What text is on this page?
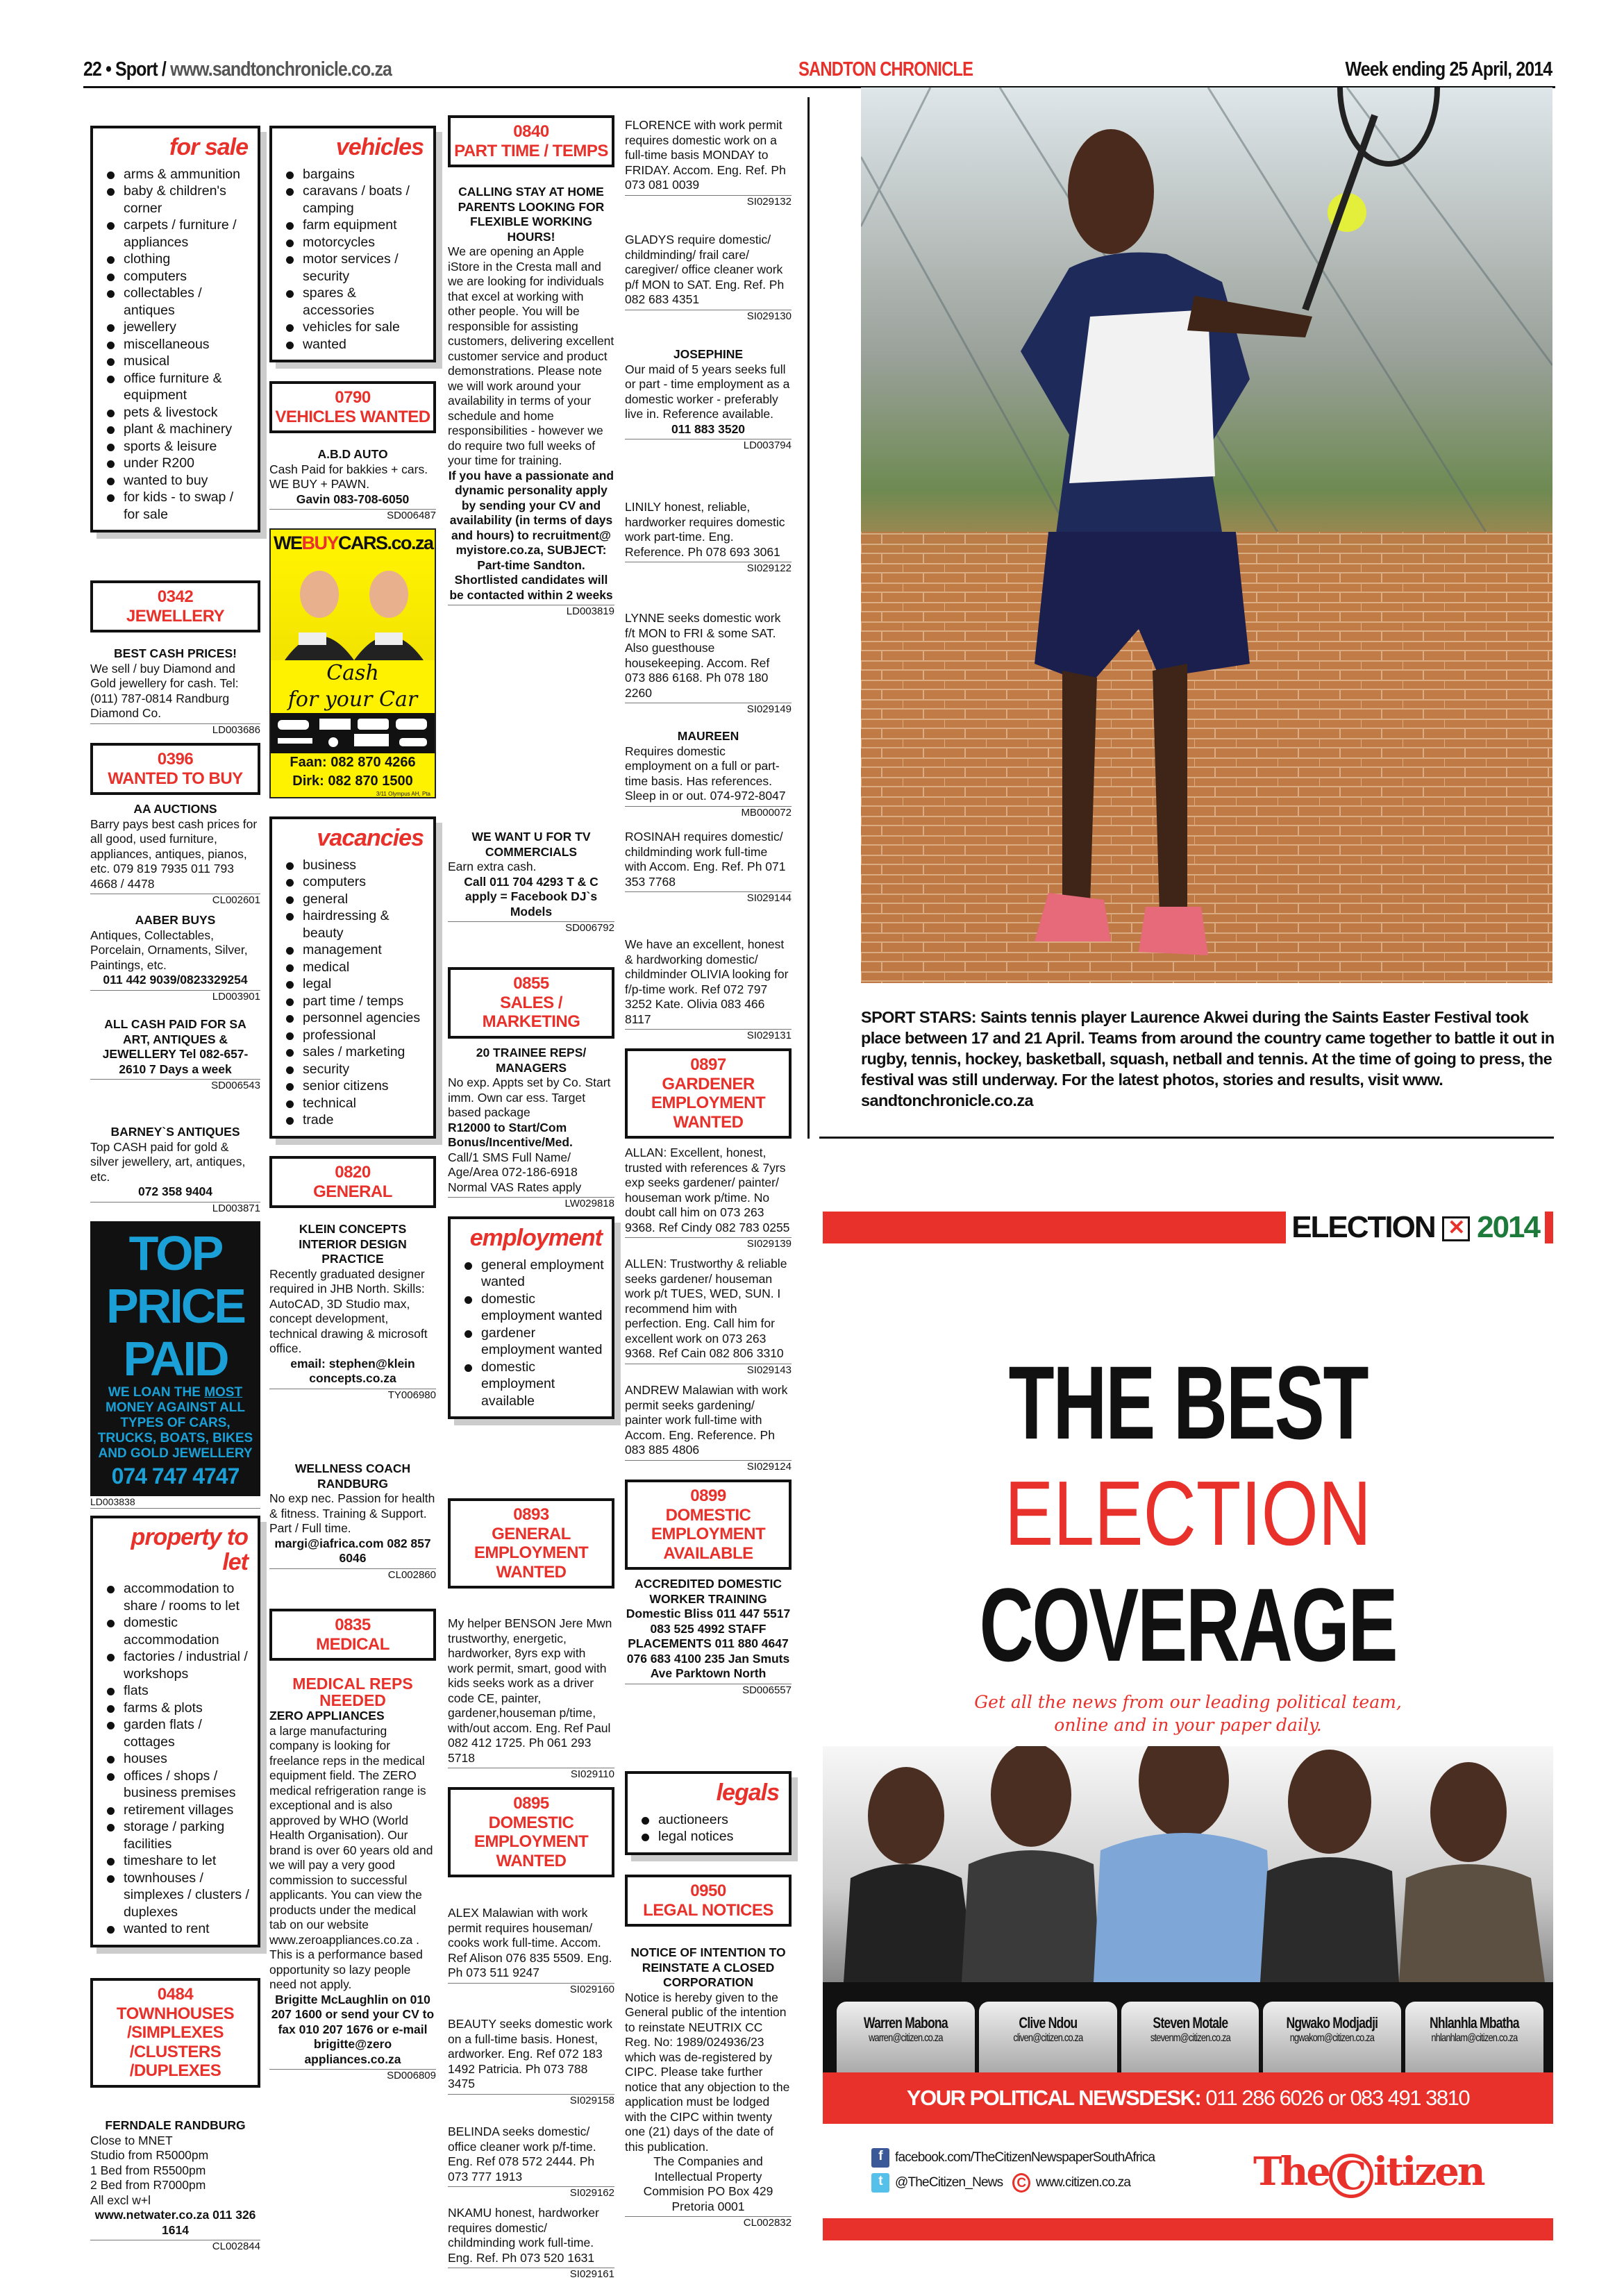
22 • Sport / www.sandtonchronicle.co.za	SANDTON CHRONICLE	Week ending 25 April, 2014
for sale
arms & ammunition
baby & children's corner
carpets / furniture / appliances
clothing
computers
collectables / antiques
jewellery
miscellaneous
musical
office furniture & equipment
pets & livestock
plant & machinery
sports & leisure
under R200
wanted to buy
for kids - to swap / for sale
0342
JEWELLERY
BEST CASH PRICES!
We sell / buy Diamond and Gold jewellery for cash. Tel: (011) 787-0814 Randburg Diamond Co.
LD003686
0396
WANTED TO BUY
AA AUCTIONS
Barry pays best cash prices for all good, used furniture, appliances, antiques, pianos, etc. 079 819 7935 011 793 4668 / 4478
CL002601
AABER BUYS
Antiques, Collectables, Porcelain, Ornaments, Silver, Paintings, etc.
011 442 9039/0823329254
LD003901
ALL CASH PAID FOR SA ART, ANTIQUES & JEWELLERY Tel 082-657-2610 7 Days a week
SD006543
BARNEY`S ANTIQUES
Top CASH paid for gold & silver jewellery, art, antiques, etc.
072 358 9404
LD003871
TOP
PRICE
PAID
WE LOAN THE MOST MONEY AGAINST ALL TYPES OF CARS, TRUCKS, BOATS, BIKES AND GOLD JEWELLERY
074 747 4747
LD003838
property to let
accommodation to share / rooms to let
domestic accommodation
factories / industrial / workshops
flats
farms & plots
garden flats / cottages
houses
offices / shops / business premises
retirement villages
storage / parking facilities
timeshare to let
townhouses / simplexes / clusters / duplexes
wanted to rent
0484
TOWNHOUSES /SIMPLEXES /CLUSTERS /DUPLEXES
FERNDALE RANDBURG
Close to MNET
Studio from R5000pm
1 Bed from R5500pm
2 Bed from R7000pm
All excl w+l
www.netwater.co.za 011 326 1614
CL002844
vehicles
bargains
caravans / boats / camping
farm equipment
motorcycles
motor services / security
spares & accessories
vehicles for sale
wanted
0790
VEHICLES WANTED
A.B.D AUTO
Cash Paid for bakkies + cars. WE BUY + PAWN.
Gavin 083-708-6050
SD006487
WEBUYCARS.co.za
Cash
for your Car
Faan: 082 870 4266
Dirk: 082 870 1500
3/11 Olympus AH, Pta
vacancies
business
computers
general
hairdressing & beauty
management
medical
legal
part time / temps
personnel agencies
professional
sales / marketing
security
senior citizens
technical
trade
0820
GENERAL
KLEIN CONCEPTS INTERIOR DESIGN PRACTICE
Recently graduated designer required in JHB North. Skills: AutoCAD, 3D Studio max, concept development, technical drawing & microsoft office.
email: stephen@klein concepts.co.za
TY006980
WELLNESS COACH RANDBURG
No exp nec. Passion for health & fitness. Training & Support. Part / Full time.
margi@iafrica.com 082 857 6046
CL002860
0835
MEDICAL
MEDICAL REPS NEEDED
ZERO APPLIANCES
a large manufacturing company is looking for freelance reps in the medical equipment field. The ZERO medical refrigeration range is exceptional and is also approved by WHO (World Health Organisation). Our brand is over 60 years old and we will pay a very good commission to successful applicants. You can view the products under the medical tab on our website www.zeroappliances.co.za . This is a performance based opportunity so lazy people need not apply.
Brigitte McLaughlin on 010 207 1600 or send your CV to fax 010 207 1676 or e-mail brigitte@zero appliances.co.za
SD006809
0840
PART TIME / TEMPS
CALLING STAY AT HOME PARENTS LOOKING FOR FLEXIBLE WORKING HOURS!
We are opening an Apple iStore in the Cresta mall and we are looking for individuals that excel at working with other people. You will be responsible for assisting customers, delivering excellent customer service and product demonstrations. Please note we will work around your availability in terms of your schedule and home responsibilities - however we do require two full weeks of your time for training.
If you have a passionate and dynamic personality apply by sending your CV and availability (in terms of days and hours) to recruitment@ myistore.co.za, SUBJECT: Part-time Sandton. Shortlisted candidates will be contacted within 2 weeks
LD003819
WE WANT U FOR TV COMMERCIALS
Earn extra cash.
Call 011 704 4293 T & C apply = Facebook DJ`s Models
SD006792
0855
SALES / MARKETING
20 TRAINEE REPS/ MANAGERS
No exp. Appts set by Co. Start imm. Own car ess. Target based package
R12000 to Start/Com Bonus/Incentive/Med.
Call/1 SMS Full Name/ Age/Area 072-186-6918 Normal VAS Rates apply
LW029818
employment
general employment wanted
domestic employment wanted
gardener employment wanted
domestic employment available
0893
GENERAL EMPLOYMENT WANTED
My helper BENSON Jere Mwn trustworthy, energetic, hardworker, 8yrs exp with work permit, smart, good with kids seeks work as a driver code CE, painter, gardener,houseman p/time, with/out accom. Eng. Ref Paul 082 412 1725. Ph 061 293 5718
SI029110
0895
DOMESTIC EMPLOYMENT WANTED
ALEX Malawian with work permit requires houseman/ cooks work full-time. Accom. Ref Alison 076 835 5509. Eng. Ph 073 511 9247
SI029160
BEAUTY seeks domestic work on a full-time basis. Honest, ardworker. Eng. Ref 072 183 1492 Patricia. Ph 073 788 3475
SI029158
BELINDA seeks domestic/ office cleaner work p/f-time. Eng. Ref 078 572 2444. Ph 073 777 1913
SI029162
NKAMU honest, hardworker requires domestic/ childminding work full-time. Eng. Ref. Ph 073 520 1631
SI029161
FLORENCE with work permit requires domestic work on a full-time basis MONDAY to FRIDAY. Accom. Eng. Ref. Ph 073 081 0039
SI029132
GLADYS require domestic/ childminding/ frail care/ caregiver/ office cleaner work p/f MON to SAT. Eng. Ref. Ph 082 683 4351
SI029130
JOSEPHINE
Our maid of 5 years seeks full or part - time employment as a domestic worker - preferably live in. Reference available.
011 883 3520
LD003794
LINILY honest, reliable, hardworker requires domestic work part-time. Eng. Reference. Ph 078 693 3061
SI029122
LYNNE seeks domestic work f/t MON to FRI & some SAT. Also guesthouse housekeeping. Accom. Ref 073 886 6168. Ph 078 180 2260
SI029149
MAUREEN
Requires domestic employment on a full or part-time basis. Has references. Sleep in or out. 074-972-8047
MB000072
ROSINAH requires domestic/ childminding work full-time with Accom. Eng. Ref. Ph 071 353 7768
SI029144
We have an excellent, honest & hardworking domestic/ childminder OLIVIA looking for f/p-time work. Ref 072 797 3252 Kate. Olivia 083 466 8117
SI029131
0897
GARDENER EMPLOYMENT WANTED
ALLAN: Excellent, honest, trusted with references & 7yrs exp seeks gardener/ painter/ houseman work p/time. No doubt call him on 073 263 9368. Ref Cindy 082 783 0255
SI029139
ALLEN: Trustworthy & reliable seeks gardener/ houseman work p/t TUES, WED, SUN. I recommend him with perfection. Eng. Call him for excellent work on 073 263 9368. Ref Cain 082 806 3310
SI029143
ANDREW Malawian with work permit seeks gardening/ painter work full-time with Accom. Eng. Reference. Ph 083 885 4806
SI029124
0899
DOMESTIC EMPLOYMENT AVAILABLE
ACCREDITED DOMESTIC WORKER TRAINING Domestic Bliss 011 447 5517 083 525 4992 STAFF PLACEMENTS 011 880 4647 076 683 4100 235 Jan Smuts Ave Parktown North
SD006557
legals
auctioneers
legal notices
0950
LEGAL NOTICES
NOTICE OF INTENTION TO REINSTATE A CLOSED CORPORATION
Notice is hereby given to the General public of the intention to reinstate NEUTRIX CC Reg. No: 1989/024936/23 which was de-registered by CIPC. Please take further notice that any objection to the application must be lodged with the CIPC within twenty one (21) days of the date of this publication.
The Companies and Intellectual Property Commision PO Box 429 Pretoria 0001
CL002832
SPORT STARS: Saints tennis player Laurence Akwei during the Saints Easter Festival took place between 17 and 21 April. Teams from around the country came together to battle it out in rugby, tennis, hockey, basketball, squash, netball and tennis. At the time of going to press, the festival was still underway. For the latest photos, stories and results, visit www. sandtonchronicle.co.za
ELECTION ✕ 2014
THE BEST
ELECTION
COVERAGE
Get all the news from our leading political team, online and in your paper daily.
Warren Mabona
warren@citizen.co.za
Clive Ndou
cliven@citizen.co.za
Steven Motale
stevenm@citizen.co.za
Ngwako Modjadji
ngwakom@citizen.co.za
Nhlanhla Mbatha
nhlanhlam@citizen.co.za
YOUR POLITICAL NEWSDESK: 011 286 6026 or 083 491 3810
f facebook.com/TheCitizenNewspaperSouthAfrica
t @TheCitizen_News C www.citizen.co.za	The C itizen
